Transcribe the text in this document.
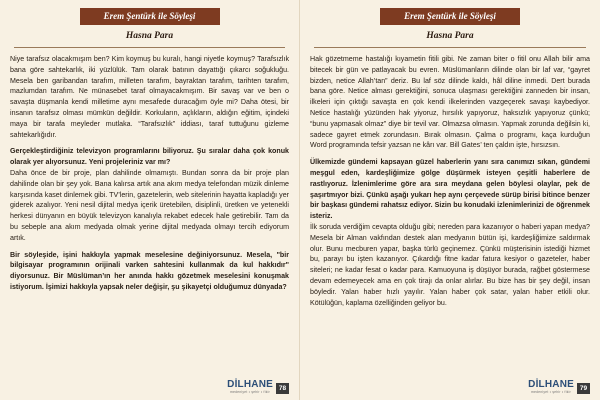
Erem Şentürk ile Söyleşi
Hasna Para

Niye tarafsız olacakmışım ben? Kim koymuş bu kuralı, hangi niyetle koymuş? Tarafsızlık bana göre sahtekarlık, iki yüzlülük. Tam olarak batının dayattığı çıkarcı soğukluğu. Mesela ben garibandan tarafım, milleten tarafım, bayraktan tarafım, tarihten tarafım, mazlumdan tarafım. Ne münasebet taraf olmayacakmışım. Bir savaş var ve ben o savaşta düşmanla kendi milletime aynı mesafede duracağım öyle mi? Daha ötesi, bir insanın tarafsız olması mümkün değildir. Korkuların, açlıkların, aldığın eğitim, içindeki maya bir tarafa meyleder mutlaka. “Tarafsızlık” iddiası, taraf tuttuğunu gizleme sahtekarlığıdır.

Gerçekleştirdiğiniz televizyon programlarını biliyoruz. Şu sıralar daha çok konuk olarak yer alıyorsunuz. Yeni projeleriniz var mı?

Daha önce de bir proje, plan dahilinde olmamıştı. Bundan sonra da bir proje plan dahilinde olan bir şey yok. Bana kalırsa artık ana akım medya telefondan müzik dinleme karşısında kaset dinlemek gibi. TV’lerin, gazetelerin, web sitelerinin hayatta kapladığı yer giderek azalıyor. Yeni nesil dijital medya içerik üretebilen, disiplinli, üretken ve yetenekli herkesi dünyanın en büyük televizyon kanalıyla rekabet edecek hale getirebilir. Tam da bu sebeple ana akım medyada olmak yerine dijital medyada olmayı tercih ediyorum artık.

Bir söyleşide, işini hakkıyla yapmak meselesine değiniyorsunuz. Mesela, "bir bilgisayar programının orijinali varken sahtesini kullanmak da kul hakkıdır" diyorsunuz. Bir Müslüman’ın her anında hakkı gözetmek meselesini konuşmak istiyorum. İşimizi hakkıyla yapsak neler değişir, şu şikayetçi olduğumuz dünyada?

DİLHANE
medeniyet • şehir • fikir	78
Erem Şentürk ile Söyleşi
Hasna Para

Hak gözetmeme hastalığı kıyametin fitili gibi. Ne zaman biter o fitil onu Allah bilir ama bitecek bir gün ve patlayacak bu evren. Müslümanların dilinde olan bir laf var, “gayret bizden, netice Allah’tan” deriz. Bu laf söz dilinde kaldı, hâl diline inmedi. Dert burada bana göre. Netice alması gerektiğini, sonuca ulaşması gerektiğini zanneden bir insan, ilkeleri için çıktığı savaşta en çok kendi ilkelerinden vazgeçerek savaşı kaybediyor. Netice hastalığı yüzünden hak yiyoruz, hırsılık yapıyoruz, haksızlık yapıyoruz çünkü; “bunu yapmasak olmaz” diye bir tevil var. Olmazsa olmasın. Yapmak zorunda değilsin ki, sadece gayret etmek zorundasın. Bırak olmasın. Çalma o programı, kaça kurduğun Word programında tefsir yazsan ne kârı var. Bill Gates’ ten çaldın işte, hırsızsın.

Ülkemizde gündemi kapsayan güzel haberlerin yanı sıra canımızı sıkan, gündemi meşgul eden, kardeşliğimize gölge düşürmek isteyen çeşitli haberlere de rastlıyoruz. İzlenimlerime göre ara sıra meydana gelen böylesi olaylar, pek de şaşırtmıyor bizi. Çünkü aşağı yukarı hep aynı çerçevede sürüp birisi bitince benzer bir başkası gündemi rahatsız ediyor. Sizin bu konudaki izlenimlerinizi de öğrenmek isteriz.

İlk soruda verdiğim cevapta olduğu gibi; nereden para kazanıyor o haberi yapan medya? Mesela bir Alman vakfından destek alan medyanın bütün işi, kardeşliğimize saldırmak olur. Bunu mecburen yapar, başka türlü geçinemez. Çünkü müşterisinin istediği hizmet bu, parayı bu işten kazanıyor. Çıkardığı fitne kadar fatura kesiyor o gazeteler, haber siteleri; ne kadar fesat o kadar para. Kamuoyuna iş düşüyor burada, rağbet göstermese devam edemeyecek ama en çok tirajı da onlar alırlar. Bu bize has bir şey değil, insan böyledir. Yalan haber hızlı yayılır. Yalan haber çok satar, yalan haber etkili olur. Kötülüğün, kaplama özelliğinden geliyor bu.

DİLHANE
medeniyet • şehir • fikir	79
